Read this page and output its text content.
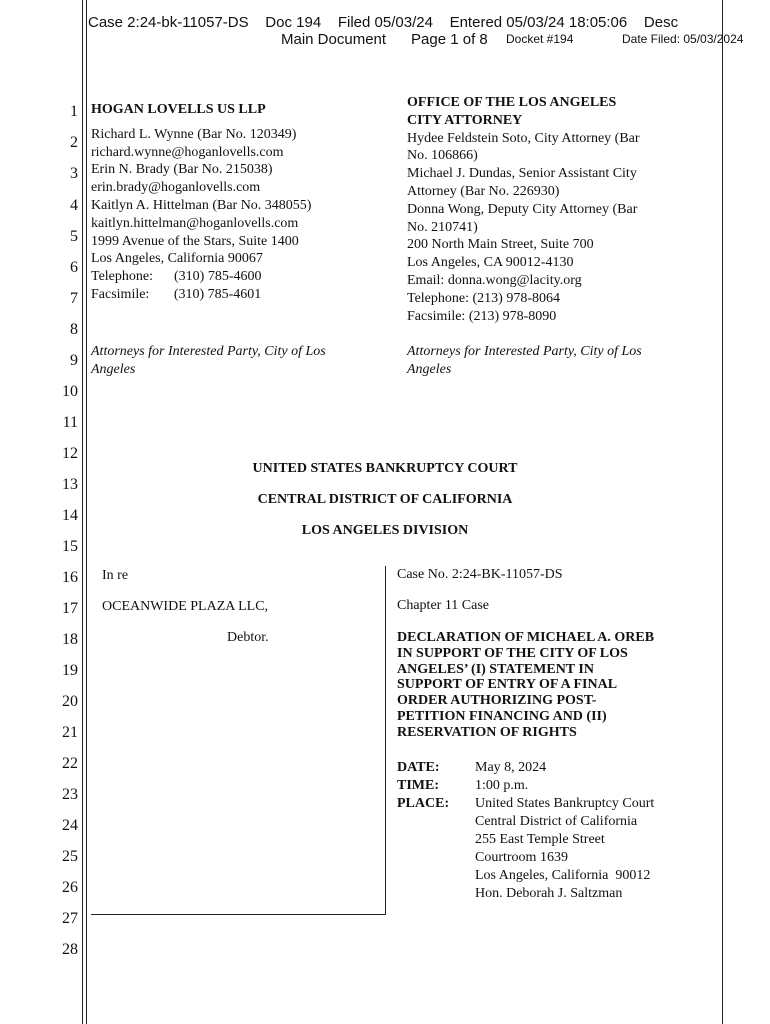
Case 2:24-bk-11057-DS    Doc 194    Filed 05/03/24    Entered 05/03/24 18:05:06    Desc
Main Document      Page 1 of 8 Docket #194	Date Filed: 05/03/2024
1
2
3
4
5
6
7
8
9
10
11
12
13
14
15
16
17
18
19
20
21
22
23
24
25
26
27
28
HOGAN LOVELLS US LLP
Richard L. Wynne (Bar No. 120349)
richard.wynne@hoganlovells.com
Erin N. Brady (Bar No. 215038)
erin.brady@hoganlovells.com
Kaitlyn A. Hittelman (Bar No. 348055)
kaitlyn.hittelman@hoganlovells.com
1999 Avenue of the Stars, Suite 1400
Los Angeles, California 90067
Telephone:      (310) 785-4600
Facsimile:       (310) 785-4601
Attorneys for Interested Party, City of Los
Angeles
OFFICE OF THE LOS ANGELES
CITY ATTORNEY
Hydee Feldstein Soto, City Attorney (Bar
No. 106866)
Michael J. Dundas, Senior Assistant City
Attorney (Bar No. 226930)
Donna Wong, Deputy City Attorney (Bar
No. 210741)
200 North Main Street, Suite 700
Los Angeles, CA 90012-4130
Email: donna.wong@lacity.org
Telephone: (213) 978-8064
Facsimile: (213) 978-8090
Attorneys for Interested Party, City of Los
Angeles
UNITED STATES BANKRUPTCY COURT
CENTRAL DISTRICT OF CALIFORNIA
LOS ANGELES DIVISION
In re
OCEANWIDE PLAZA LLC,
Debtor.
Case No. 2:24-BK-11057-DS
Chapter 11 Case
DECLARATION OF MICHAEL A. OREB
IN SUPPORT OF THE CITY OF LOS
ANGELES’ (I) STATEMENT IN
SUPPORT OF ENTRY OF A FINAL
ORDER AUTHORIZING POST-
PETITION FINANCING AND (II)
RESERVATION OF RIGHTS
DATE:	May 8, 2024
TIME:	1:00 p.m.
PLACE: United States Bankruptcy Court
Central District of California
255 East Temple Street
Courtroom 1639
Los Angeles, California  90012
Hon. Deborah J. Saltzman
